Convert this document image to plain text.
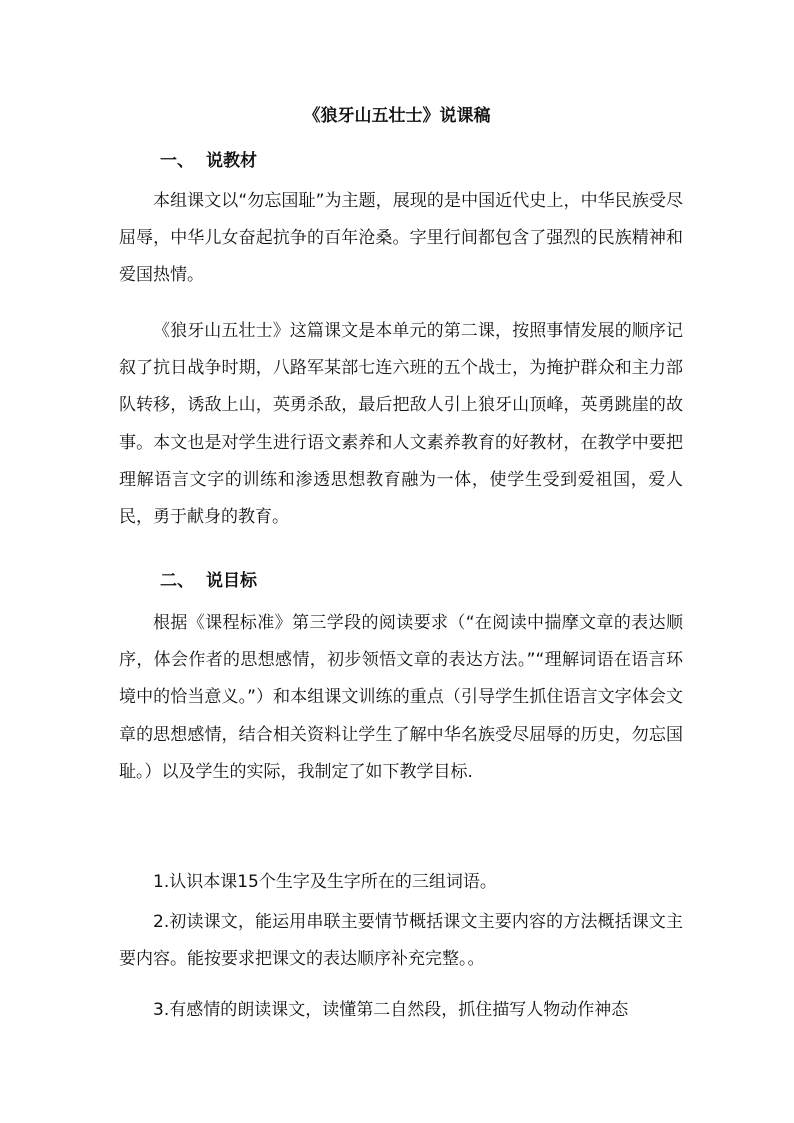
《狼牙山五壮士》说课稿
一、 说教材

本组课文以“勿忘国耻”为主题，展现的是中国近代史上，中华民族受尽屈辱，中华儿女奋起抗争的百年沧桑。字里行间都包含了强烈的民族精神和爱国热情。

《狼牙山五壮士》这篇课文是本单元的第二课，按照事情发展的顺序记叙了抗日战争时期，八路军某部七连六班的五个战士，为掩护群众和主力部队转移，诱敌上山，英勇杀敌，最后把敌人引上狼牙山顶峰，英勇跳崖的故事。本文也是对学生进行语文素养和人文素养教育的好教材，在教学中要把理解语言文字的训练和渗透思想教育融为一体，使学生受到爱祖国，爱人民，勇于献身的教育。

二、 说目标

根据《课程标准》第三学段的阅读要求（“在阅读中揣摩文章的表达顺序，体会作者的思想感情，初步领悟文章的表达方法。”“理解词语在语言环境中的恰当意义。”）和本组课文训练的重点（引导学生抓住语言文字体会文章的思想感情，结合相关资料让学生了解中华名族受尽屈辱的历史，勿忘国耻。）以及学生的实际，我制定了如下教学目标.

1.认识本课15个生字及生字所在的三组词语。

2.初读课文，能运用串联主要情节概括课文主要内容的方法概括课文主要内容。能按要求把课文的表达顺序补充完整。。

3.有感情的朗读课文，读懂第二自然段，抓住描写人物动作神态
